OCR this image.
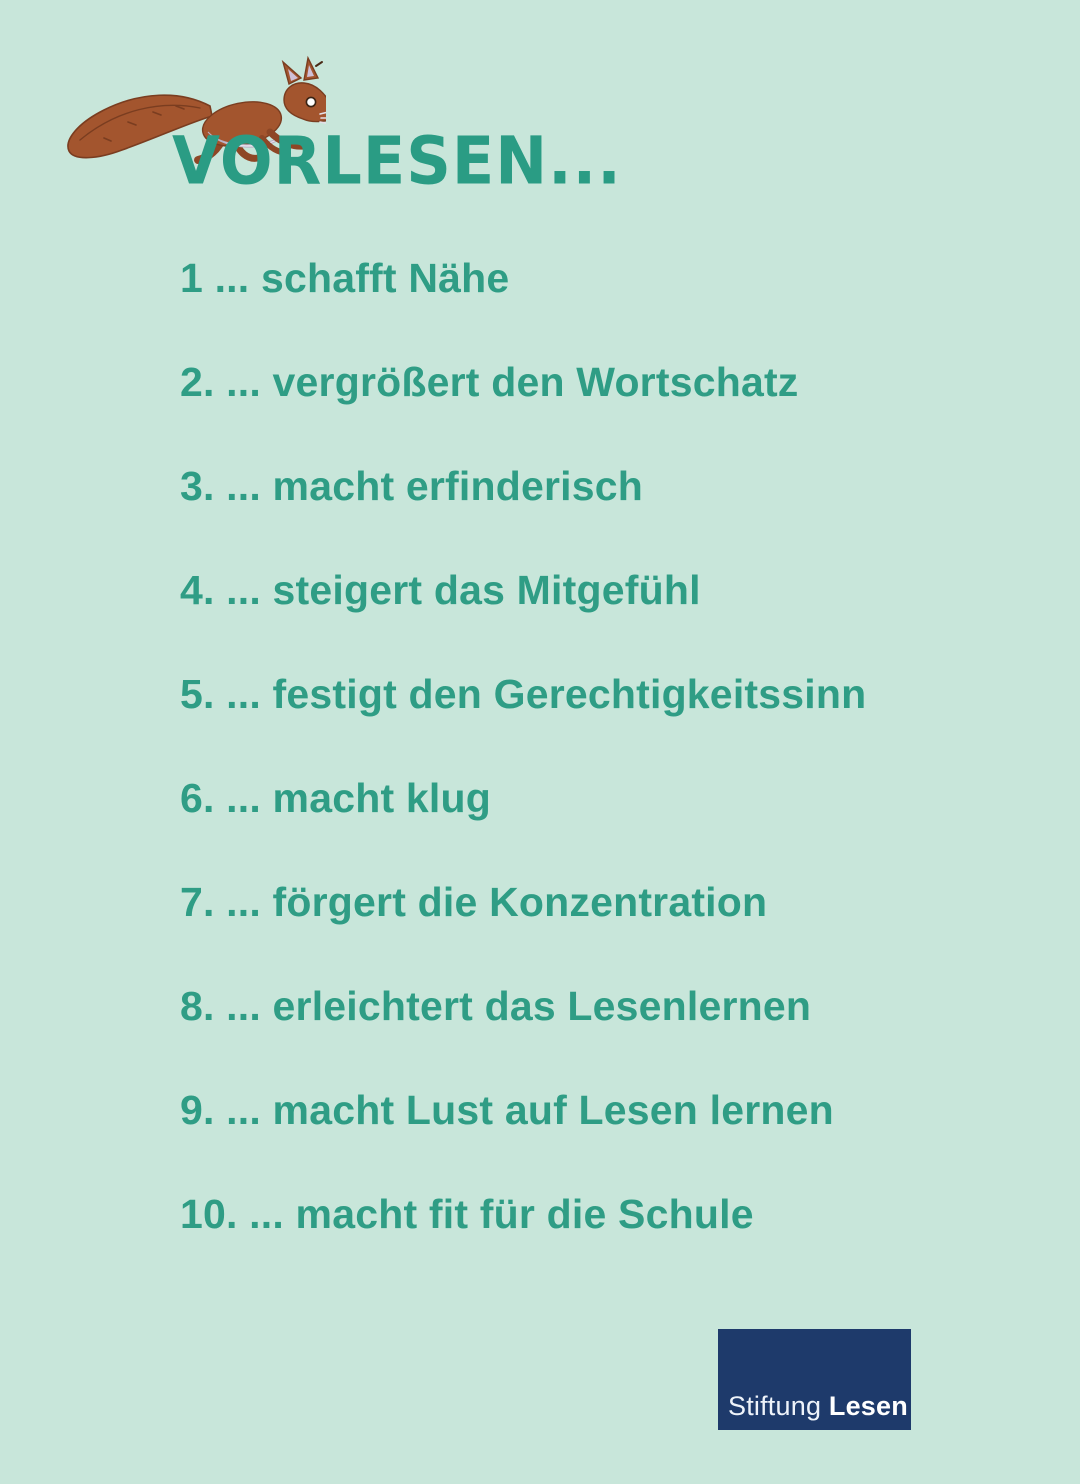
VORLESEN...
1 ... schafft Nähe
2. ... vergrößert den Wortschatz
3. ... macht erfinderisch
4. ... steigert das Mitgefühl
5. ... festigt den Gerechtigkeitssinn
6. ... macht klug
7. ... förgert die Konzentration
8. ... erleichtert das Lesenlernen
9. ... macht Lust auf Lesen lernen
10. ... macht fit für die Schule
Stiftung Lesen
